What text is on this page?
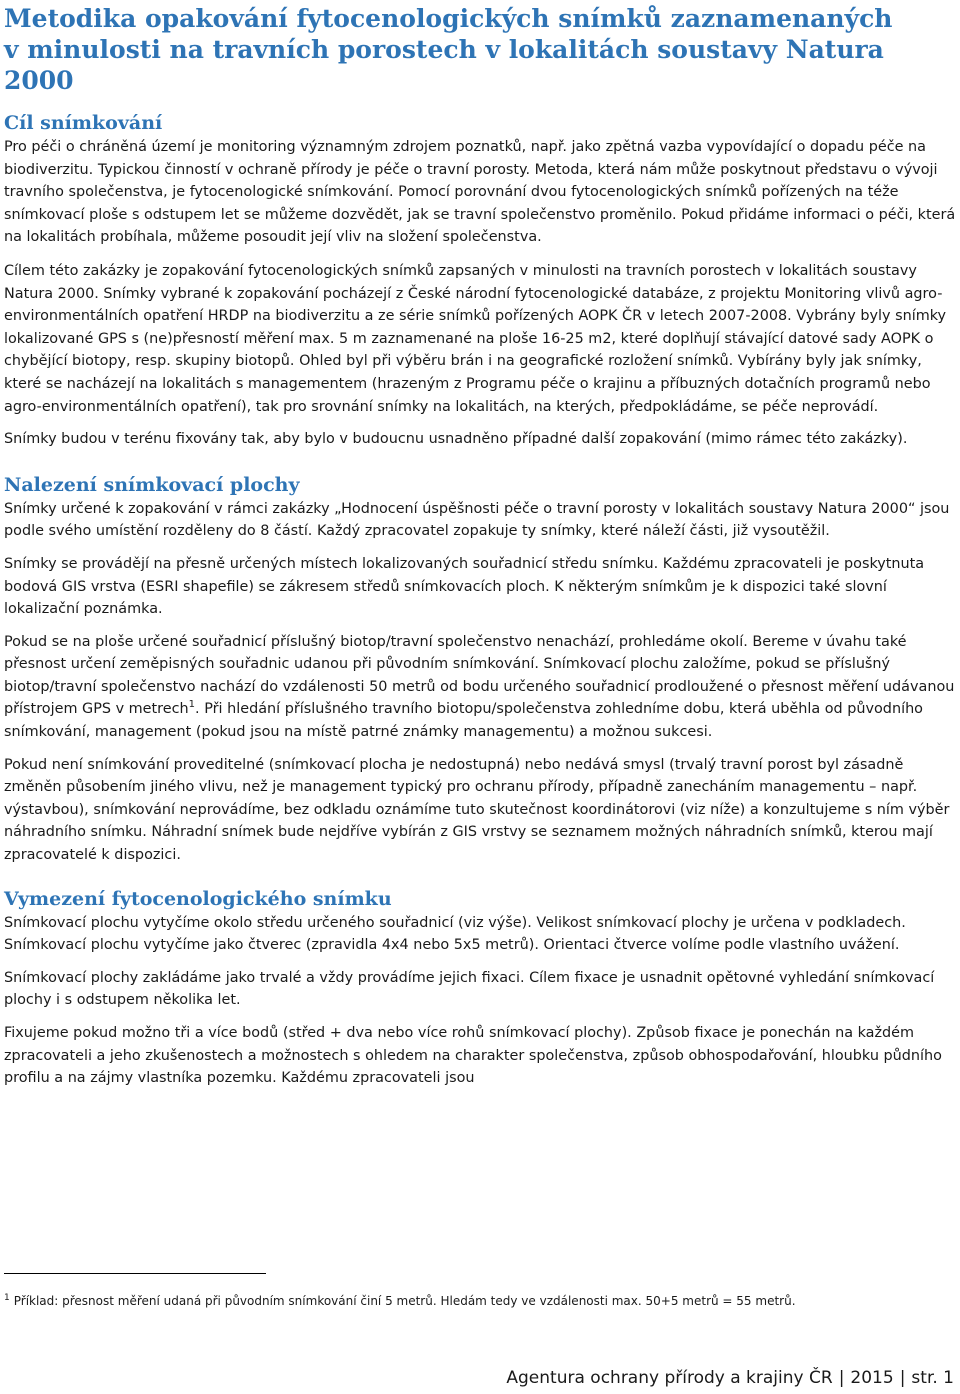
Metodika opakování fytocenologických snímků zaznamenaných
v minulosti na travních porostech v lokalitách soustavy Natura 2000
Cíl snímkování

Pro péči o chráněná území je monitoring významným zdrojem poznatků, např. jako zpětná vazba vypovídající o dopadu péče na biodiverzitu. Typickou činností v ochraně přírody je péče o travní porosty. Metoda, která nám může poskytnout představu o vývoji travního společenstva, je fytocenologické snímkování. Pomocí porovnání dvou fytocenologických snímků pořízených na téže snímkovací ploše s odstupem let se můžeme dozvědět, jak se travní společenstvo proměnilo. Pokud přidáme informaci o péči, která na lokalitách probíhala, můžeme posoudit její vliv na složení společenstva.

Cílem této zakázky je zopakování fytocenologických snímků zapsaných v minulosti na travních porostech v lokalitách soustavy Natura 2000. Snímky vybrané k zopakování pocházejí z České národní fytocenologické databáze, z projektu Monitoring vlivů agro-environmentálních opatření HRDP na biodiverzitu a ze série snímků pořízených AOPK ČR v letech 2007-2008. Vybrány byly snímky lokalizované GPS s (ne)přesností měření max. 5 m zaznamenané na ploše 16-25 m2, které doplňují stávající datové sady AOPK o chybějící biotopy, resp. skupiny biotopů. Ohled byl při výběru brán i na geografické rozložení snímků. Vybírány byly jak snímky, které se nacházejí na lokalitách s managementem (hrazeným z Programu péče o krajinu a příbuzných dotačních programů nebo agro-environmentálních opatření), tak pro srovnání snímky na lokalitách, na kterých, předpokládáme, se péče neprovádí.

Snímky budou v terénu fixovány tak, aby bylo v budoucnu usnadněno případné další zopakování (mimo rámec této zakázky).

Nalezení snímkovací plochy

Snímky určené k zopakování v rámci zakázky „Hodnocení úspěšnosti péče o travní porosty v lokalitách soustavy Natura 2000“ jsou podle svého umístění rozděleny do 8 částí. Každý zpracovatel zopakuje ty snímky, které náleží části, již vysoutěžil.

Snímky se provádějí na přesně určených místech lokalizovaných souřadnicí středu snímku. Každému zpracovateli je poskytnuta bodová GIS vrstva (ESRI shapefile) se zákresem středů snímkovacích ploch. K některým snímkům je k dispozici také slovní lokalizační poznámka.

Pokud se na ploše určené souřadnicí příslušný biotop/travní společenstvo nenachází, prohledáme okolí. Bereme v úvahu také přesnost určení zeměpisných souřadnic udanou při původním snímkování. Snímkovací plochu založíme, pokud se příslušný biotop/travní společenstvo nachází do vzdálenosti 50 metrů od bodu určeného souřadnicí prodloužené o přesnost měření udávanou přístrojem GPS v metrech$^1$. Při hledání příslušného travního biotopu/společenstva zohledníme dobu, která uběhla od původního snímkování, management (pokud jsou na místě patrné známky managementu) a možnou sukcesi.

Pokud není snímkování proveditelné (snímkovací plocha je nedostupná) nebo nedává smysl (trvalý travní porost byl zásadně změněn působením jiného vlivu, než je management typický pro ochranu přírody, případně zanecháním managementu – např. výstavbou), snímkování neprovádíme, bez odkladu oznámíme tuto skutečnost koordinátorovi (viz níže) a konzultujeme s ním výběr náhradního snímku. Náhradní snímek bude nejdříve vybírán z GIS vrstvy se seznamem možných náhradních snímků, kterou mají zpracovatelé k dispozici.

Vymezení fytocenologického snímku

Snímkovací plochu vytyčíme okolo středu určeného souřadnicí (viz výše). Velikost snímkovací plochy je určena v podkladech. Snímkovací plochu vytyčíme jako čtverec (zpravidla 4x4 nebo 5x5 metrů). Orientaci čtverce volíme podle vlastního uvážení.

Snímkovací plochy zakládáme jako trvalé a vždy provádíme jejich fixaci. Cílem fixace je usnadnit opětovné vyhledání snímkovací plochy i s odstupem několika let.

Fixujeme pokud možno tři a více bodů (střed + dva nebo více rohů snímkovací plochy). Způsob fixace je ponechán na každém zpracovateli a jeho zkušenostech a možnostech s ohledem na charakter společenstva, způsob obhospodařování, hloubku půdního profilu a na zájmy vlastníka pozemku. Každému zpracovateli jsou

$^1$ Příklad: přesnost měření udaná při původním snímkování činí 5 metrů. Hledám tedy ve vzdálenosti max. 50+5 metrů = 55 metrů.
Agentura ochrany přírody a krajiny ČR | 2015 | str. 1
